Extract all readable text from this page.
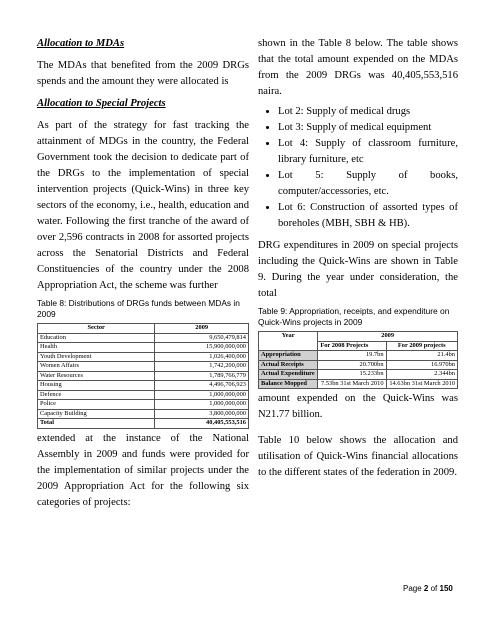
Allocation to MDAs

The MDAs that benefited from the 2009 DRGs spends and the amount they were allocated is

Allocation to Special Projects

As part of the strategy for fast tracking the attainment of MDGs in the country, the Federal Government took the decision to dedicate part of the DRGs to the implementation of special intervention projects (Quick-Wins) in three key sectors of the economy, i.e., health, education and water. Following the first tranche of the award of over 2,596 contracts in 2008 for assorted projects across the Senatorial Districts and Federal Constituencies of the country under the 2008 Appropriation Act, the scheme was further

Table 8: Distributions of DRGs funds between MDAs in 2009
Sector	2009
Education	9,650,479,814
Health	15,900,000,000
Youth Development	1,026,400,000
Women Affairs	1,742,200,000
Water Resources	1,789,766,779
Housing	4,496,706,923
Defence	1,000,000,000
Police	1,000,000,000
Capacity Building	3,800,000,000
Total	40,405,553,516

extended at the instance of the National Assembly in 2009 and funds were provided for the implementation of similar projects under the 2009 Appropriation Act for the following six categories of projects:

shown in the Table 8 below. The table shows that the total amount expended on the MDAs from the 2009 DRGs was 40,405,553,516 naira.

• Lot 2: Supply of medical drugs
• Lot 3: Supply of medical equipment
• Lot 4: Supply of classroom furniture, library furniture, etc
• Lot 5: Supply of books, computer/accessories, etc.
• Lot 6: Construction of assorted types of boreholes (MBH, SBH & HB).

DRG expenditures in 2009 on special projects including the Quick-Wins are shown in Table 9. During the year under consideration, the total

Table 9: Appropriation, receipts, and expenditure on Quick-Wins projects in 2009
Year	2009	
	For 2008 Projects	For 2009 projects
Appropriation	19.7bn	21.4bn
Actual Receipts	20.700bn	16.970bn
Actual Expenditure	15.233bn	2.344bn
Balance Mopped	7.53bn 31st March 2010	14.63bn 31st March 2010

amount expended on the Quick-Wins was N21.77 billion.

Table 10 below shows the allocation and utilisation of Quick-Wins financial allocations to the different states of the federation in 2009.

Page 2 of 150
